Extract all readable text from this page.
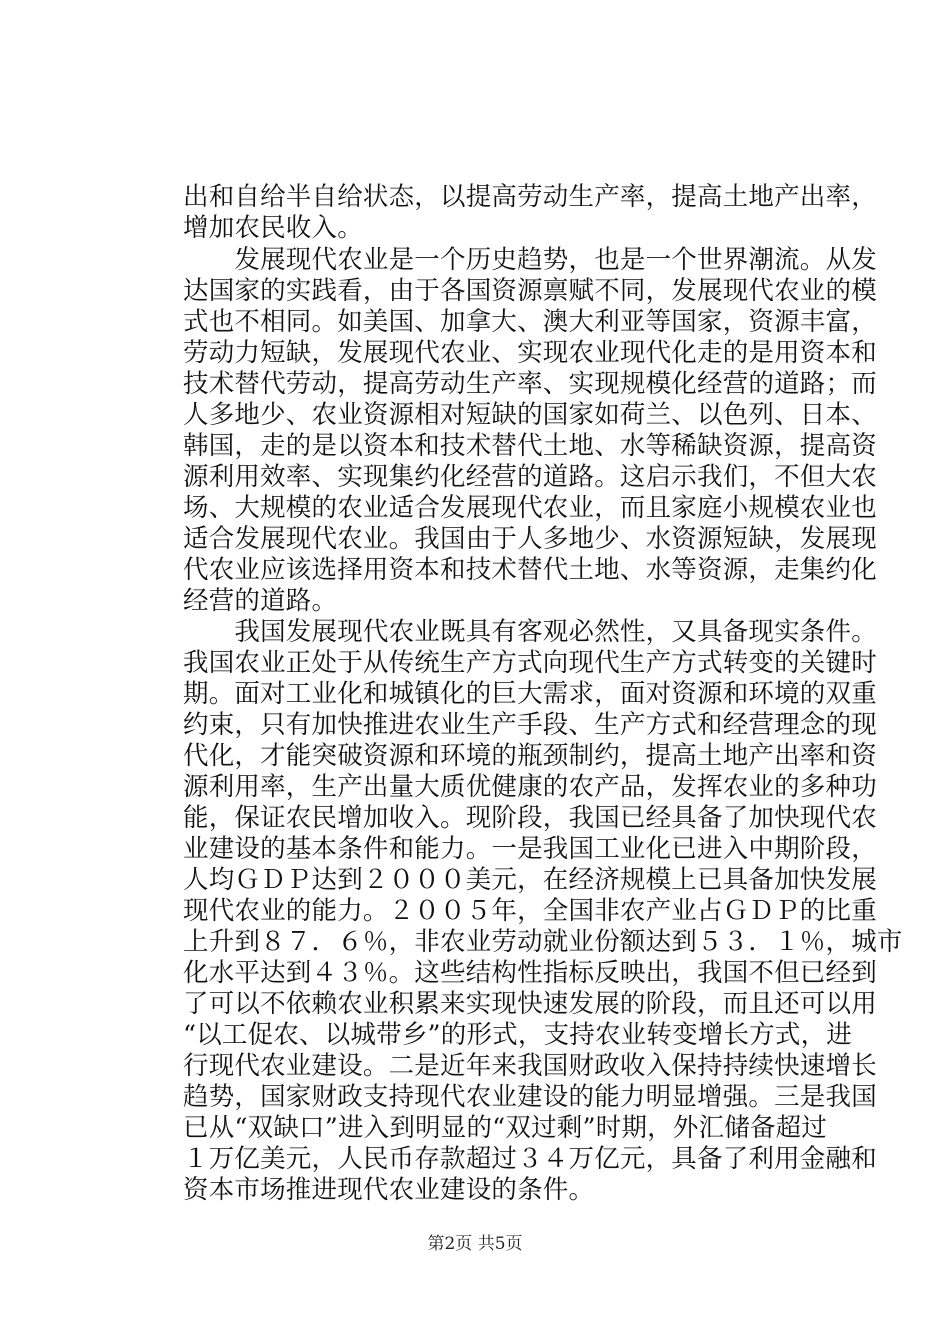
出和自给半自给状态，以提高劳动生产率，提高土地产出率，
增加农民收入。
　　发展现代农业是一个历史趋势，也是一个世界潮流。从发
达国家的实践看，由于各国资源禀赋不同，发展现代农业的模
式也不相同。如美国、加拿大、澳大利亚等国家，资源丰富，
劳动力短缺，发展现代农业、实现农业现代化走的是用资本和
技术替代劳动，提高劳动生产率、实现规模化经营的道路；而
人多地少、农业资源相对短缺的国家如荷兰、以色列、日本、
韩国，走的是以资本和技术替代土地、水等稀缺资源，提高资
源利用效率、实现集约化经营的道路。这启示我们，不但大农
场、大规模的农业适合发展现代农业，而且家庭小规模农业也
适合发展现代农业。我国由于人多地少、水资源短缺，发展现
代农业应该选择用资本和技术替代土地、水等资源，走集约化
经营的道路。
　　我国发展现代农业既具有客观必然性，又具备现实条件。
我国农业正处于从传统生产方式向现代生产方式转变的关键时
期。面对工业化和城镇化的巨大需求，面对资源和环境的双重
约束，只有加快推进农业生产手段、生产方式和经营理念的现
代化，才能突破资源和环境的瓶颈制约，提高土地产出率和资
源利用率，生产出量大质优健康的农产品，发挥农业的多种功
能，保证农民增加收入。现阶段，我国已经具备了加快现代农
业建设的基本条件和能力。一是我国工业化已进入中期阶段，
人均ＧＤＰ达到２０００美元，在经济规模上已具备加快发展
现代农业的能力。２００５年，全国非农产业占ＧＤＰ的比重
上升到８７．６％，非农业劳动就业份额达到５３．１％，城市
化水平达到４３％。这些结构性指标反映出，我国不但已经到
了可以不依赖农业积累来实现快速发展的阶段，而且还可以用
“以工促农、以城带乡”的形式，支持农业转变增长方式，进
行现代农业建设。二是近年来我国财政收入保持持续快速增长
趋势，国家财政支持现代农业建设的能力明显增强。三是我国
已从“双缺口”进入到明显的“双过剩”时期，外汇储备超过
１万亿美元，人民币存款超过３４万亿元，具备了利用金融和
资本市场推进现代农业建设的条件。
第2页 共5页
